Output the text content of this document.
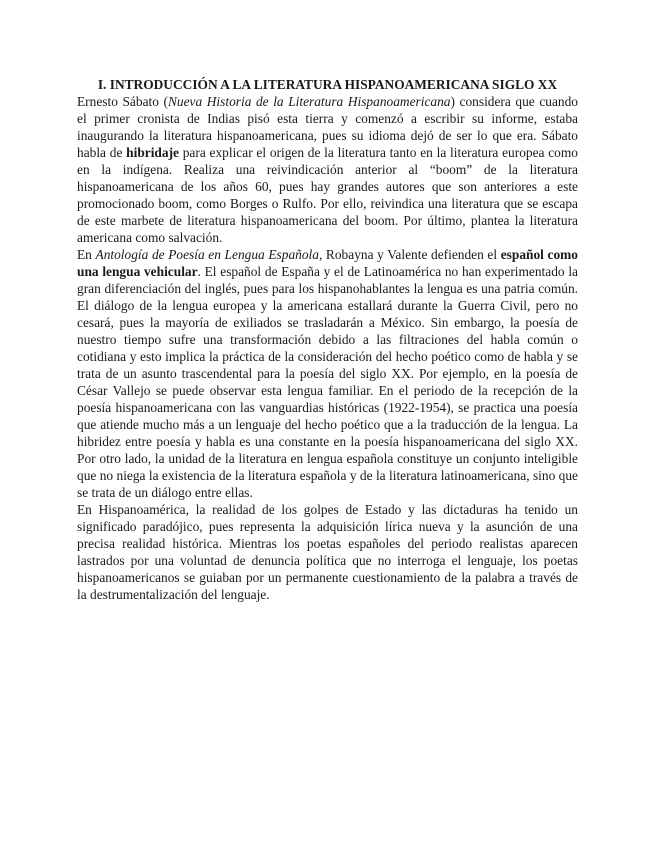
I. INTRODUCCIÓN A LA LITERATURA HISPANOAMERICANA SIGLO XX

Ernesto Sábato (Nueva Historia de la Literatura Hispanoamericana) considera que cuando el primer cronista de Indias pisó esta tierra y comenzó a escribir su informe, estaba inaugurando la literatura hispanoamericana, pues su idioma dejó de ser lo que era. Sábato habla de hibridaje para explicar el origen de la literatura tanto en la literatura europea como en la indígena. Realiza una reivindicación anterior al “boom” de la literatura hispanoamericana de los años 60, pues hay grandes autores que son anteriores a este promocionado boom, como Borges o Rulfo. Por ello, reivindica una literatura que se escapa de este marbete de literatura hispanoamericana del boom. Por último, plantea la literatura americana como salvación.

En Antología de Poesía en Lengua Española, Robayna y Valente defienden el español como una lengua vehicular. El español de España y el de Latinoamérica no han experimentado la gran diferenciación del inglés, pues para los hispanohablantes la lengua es una patria común. El diálogo de la lengua europea y la americana estallará durante la Guerra Civil, pero no cesará, pues la mayoría de exiliados se trasladarán a México. Sin embargo, la poesía de nuestro tiempo sufre una transformación debido a las filtraciones del habla común o cotidiana y esto implica la práctica de la consideración del hecho poético como de habla y se trata de un asunto trascendental para la poesía del siglo XX. Por ejemplo, en la poesía de César Vallejo se puede observar esta lengua familiar. En el periodo de la recepción de la poesía hispanoamericana con las vanguardias históricas (1922-1954), se practica una poesía que atiende mucho más a un lenguaje del hecho poético que a la traducción de la lengua. La hibridez entre poesía y habla es una constante en la poesía hispanoamericana del siglo XX. Por otro lado, la unidad de la literatura en lengua española constituye un conjunto inteligible que no niega la existencia de la literatura española y de la literatura latinoamericana, sino que se trata de un diálogo entre ellas.

En Hispanoamérica, la realidad de los golpes de Estado y las dictaduras ha tenido un significado paradójico, pues representa la adquisición lírica nueva y la asunción de una precisa realidad histórica. Mientras los poetas españoles del periodo realistas aparecen lastrados por una voluntad de denuncia política que no interroga el lenguaje, los poetas hispanoamericanos se guiaban por un permanente cuestionamiento de la palabra a través de la destrumentalización del lenguaje.
